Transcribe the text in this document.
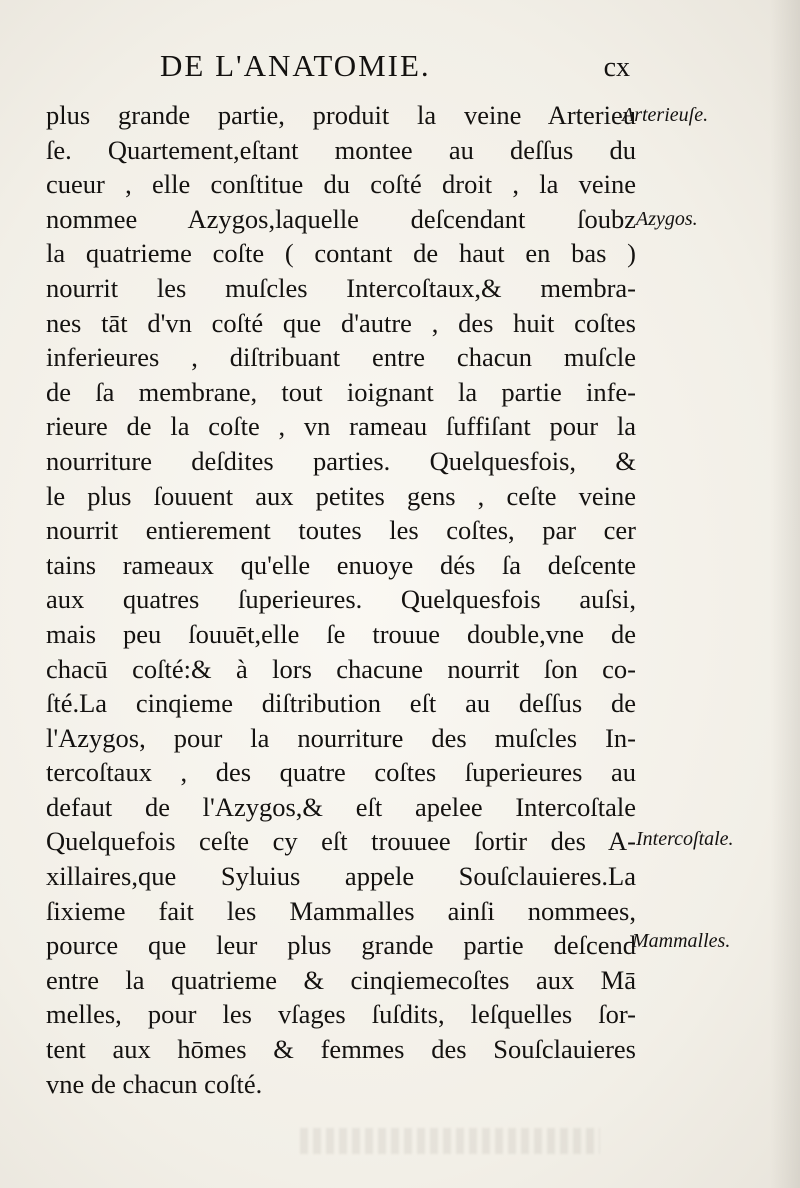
DE L'ANATOMIE.	cx
plus grande partie, produit la veine Arterieu
ſe. Quartement,eſtant montee au deſſus du
cueur , elle conſtitue du coſté droit , la veine
nommee Azygos,laquelle deſcendant ſoubz
la quatrieme coſte ( contant de haut en bas )
nourrit les muſcles Intercoſtaux,& membra-
nes tāt d'vn coſté que d'autre , des huit coſtes
inferieures , diſtribuant entre chacun muſcle
de ſa membrane, tout ioignant la partie infe-
rieure de la coſte , vn rameau ſuffiſant pour la
nourriture deſdites parties. Quelquesfois, &
le plus ſouuent aux petites gens , ceſte veine
nourrit entierement toutes les coſtes, par cer
tains rameaux qu'elle enuoye dés ſa deſcente
aux quatres ſuperieures. Quelquesfois auſsi,
mais peu ſouuēt,elle ſe trouue double,vne de
chacū coſté:& à lors chacune nourrit ſon co-
ſté.La cinqieme diſtribution eſt au deſſus de
l'Azygos, pour la nourriture des muſcles In-
tercoſtaux , des quatre coſtes ſuperieures au
defaut de l'Azygos,& eſt apelee Intercoſtale
Quelquefois ceſte cy eſt trouuee ſortir des A-
xillaires,que Syluius appele Souſclauieres.La
ſixieme fait les Mammalles ainſi nommees,
pource que leur plus grande partie deſcend
entre la quatrieme & cinqiemecoſtes aux Mā
melles, pour les vſages ſuſdits, leſquelles ſor-
tent aux hōmes & femmes des Souſclauieres
vne de chacun coſté.
Arterieuſe.
Azygos.
Intercoſtale.
Mammalles.
